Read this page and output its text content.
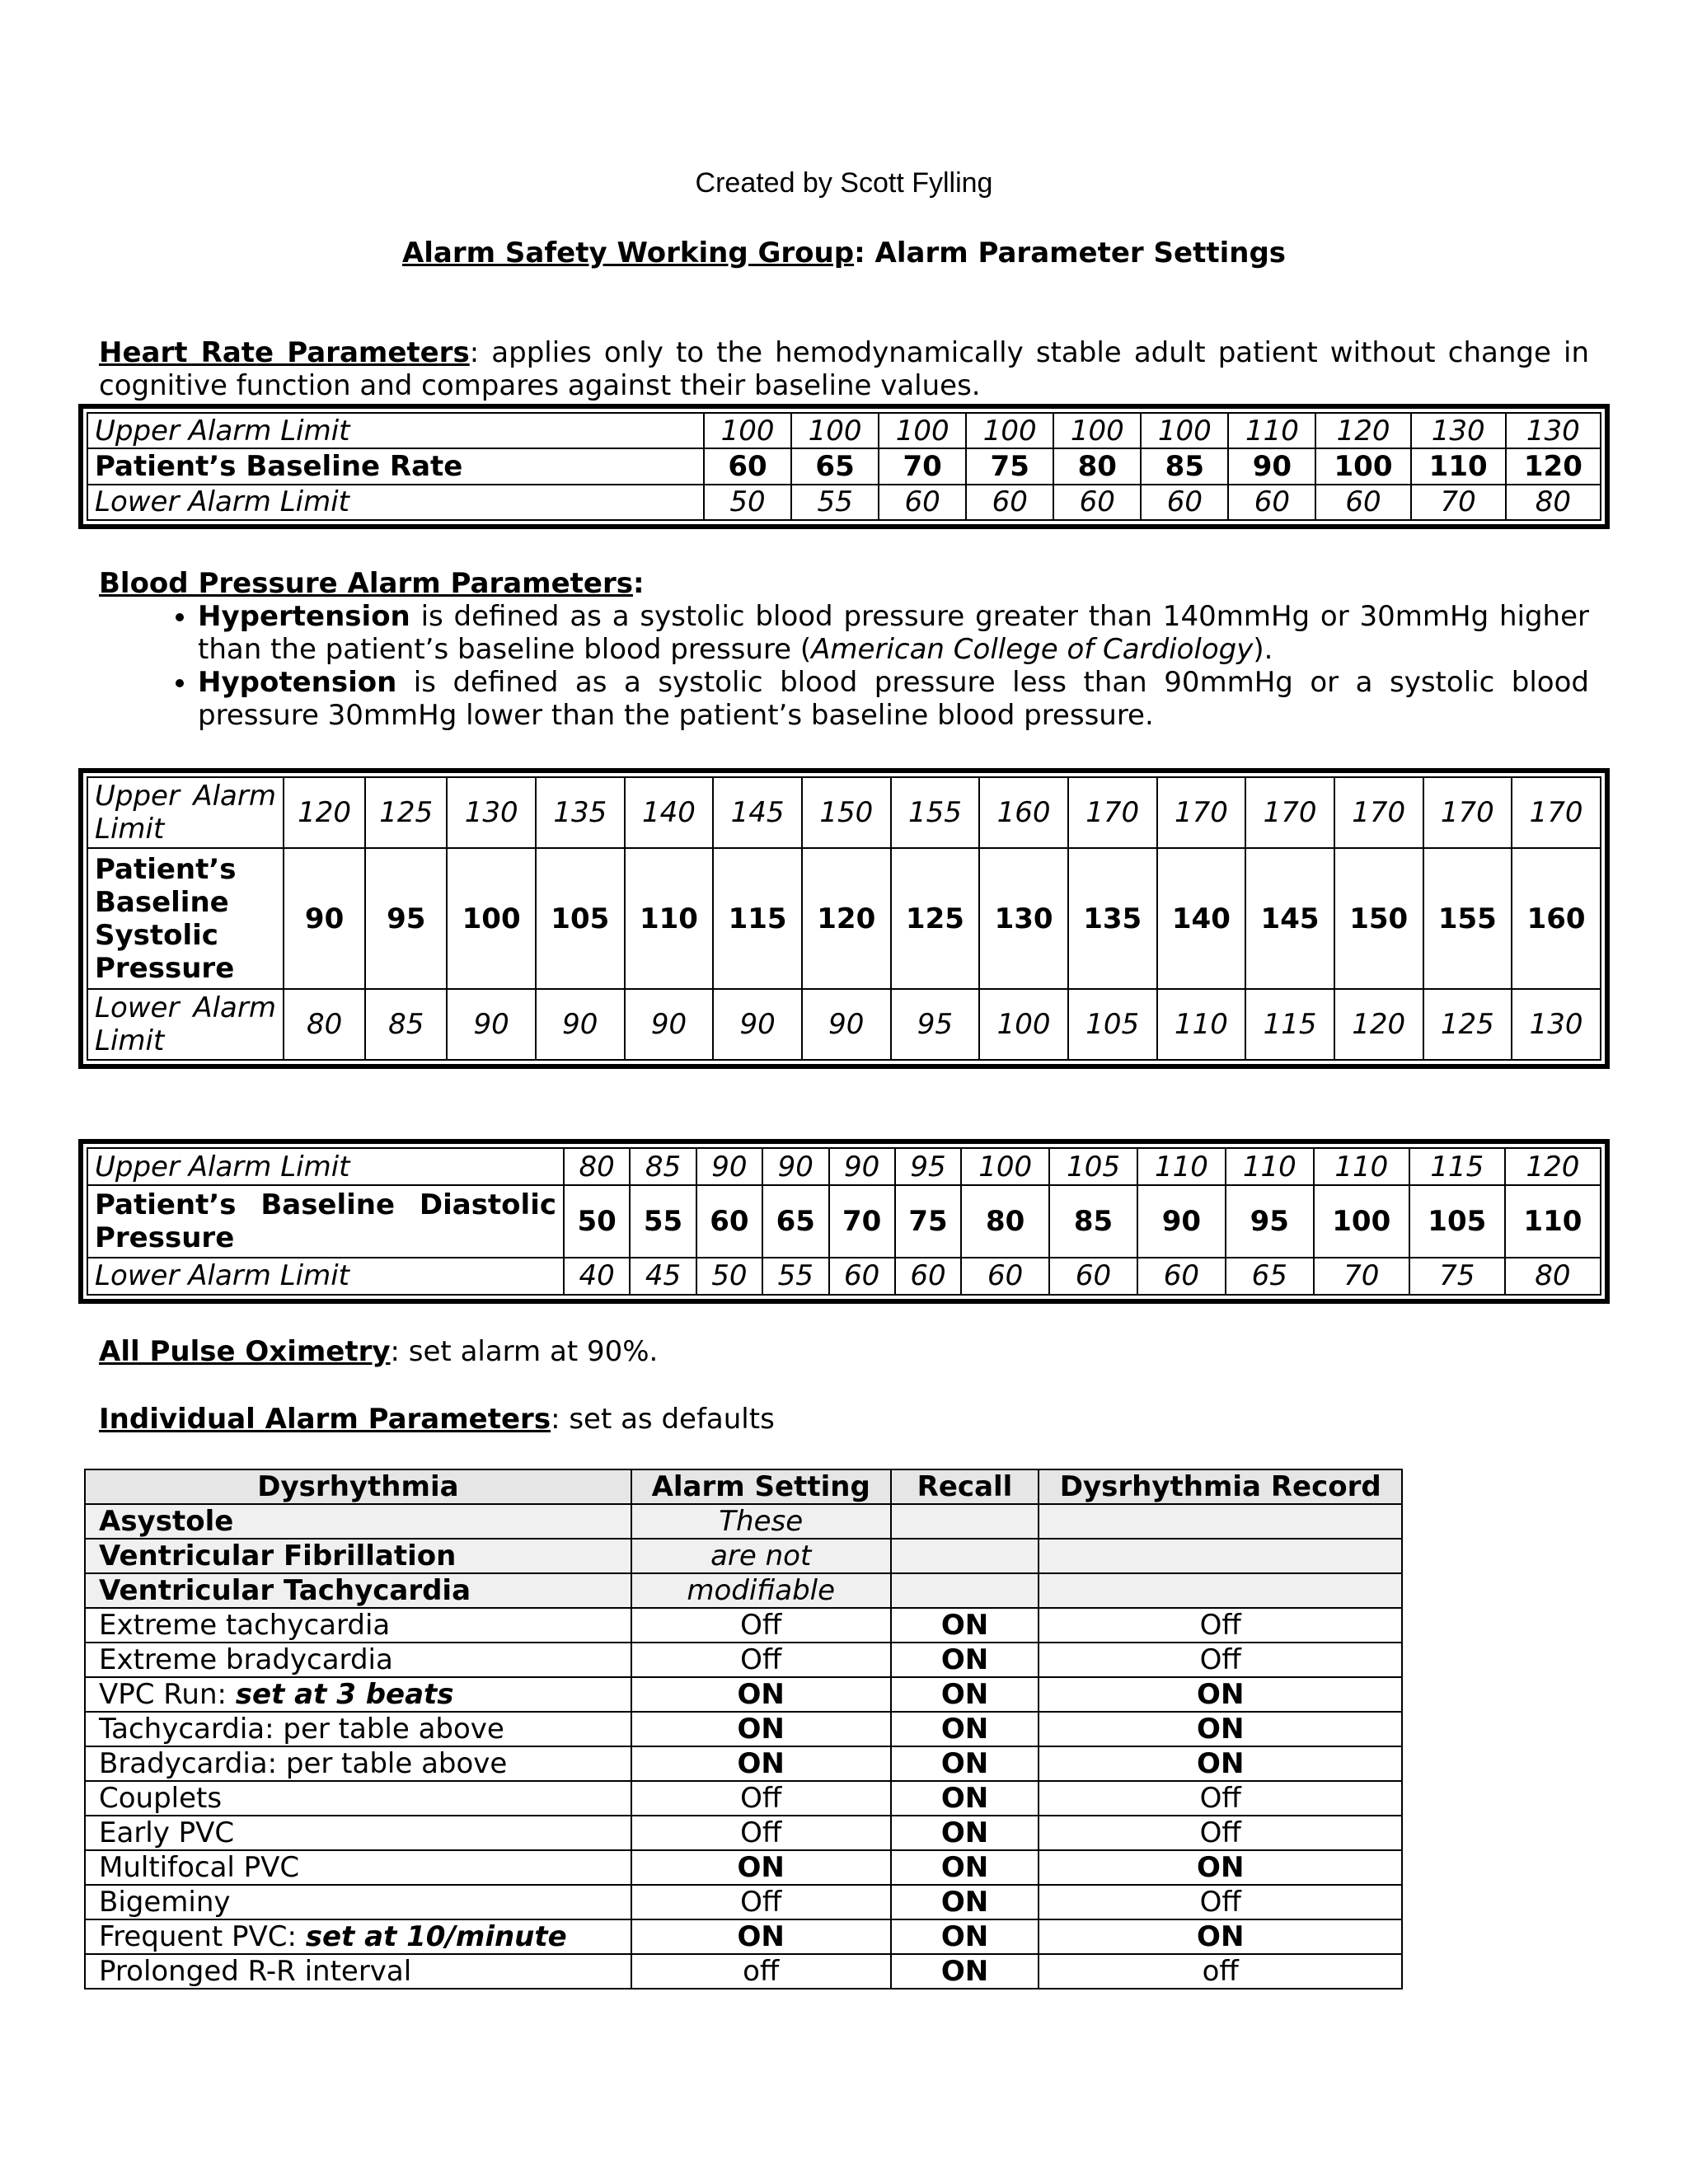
Created by Scott Fylling
Alarm Safety Working Group: Alarm Parameter Settings
Heart Rate Parameters: applies only to the hemodynamically stable adult patient without change in cognitive function and compares against their baseline values.
Upper Alarm Limit	100	100	100	100	100	100	110	120	130	130
Patient’s Baseline Rate	60	65	70	75	80	85	90	100	110	120
Lower Alarm Limit	50	55	60	60	60	60	60	60	70	80
Blood Pressure Alarm Parameters:
• Hypertension is defined as a systolic blood pressure greater than 140mmHg or 30mmHg higher than the patient’s baseline blood pressure (American College of Cardiology).
• Hypotension is defined as a systolic blood pressure less than 90mmHg or a systolic blood pressure 30mmHg lower than the patient’s baseline blood pressure.
Upper Alarm Limit	120	125	130	135	140	145	150	155	160	170	170	170	170	170	170
Patient’s Baseline Systolic Pressure	90	95	100	105	110	115	120	125	130	135	140	145	150	155	160
Lower Alarm Limit	80	85	90	90	90	90	90	95	100	105	110	115	120	125	130
Upper Alarm Limit	80	85	90	90	90	95	100	105	110	110	110	115	120
Patient’s Baseline Diastolic Pressure	50	55	60	65	70	75	80	85	90	95	100	105	110
Lower Alarm Limit	40	45	50	55	60	60	60	60	60	65	70	75	80
All Pulse Oximetry: set alarm at 90%.
Individual Alarm Parameters: set as defaults
Dysrhythmia	Alarm Setting	Recall	Dysrhythmia Record
Asystole	These		
Ventricular Fibrillation	are not		
Ventricular Tachycardia	modifiable		
Extreme tachycardia	Off	ON	Off
Extreme bradycardia	Off	ON	Off
VPC Run: set at 3 beats	ON	ON	ON
Tachycardia: per table above	ON	ON	ON
Bradycardia: per table above	ON	ON	ON
Couplets	Off	ON	Off
Early PVC	Off	ON	Off
Multifocal PVC	ON	ON	ON
Bigeminy	Off	ON	Off
Frequent PVC: set at 10/minute	ON	ON	ON
Prolonged R-R interval	off	ON	off
